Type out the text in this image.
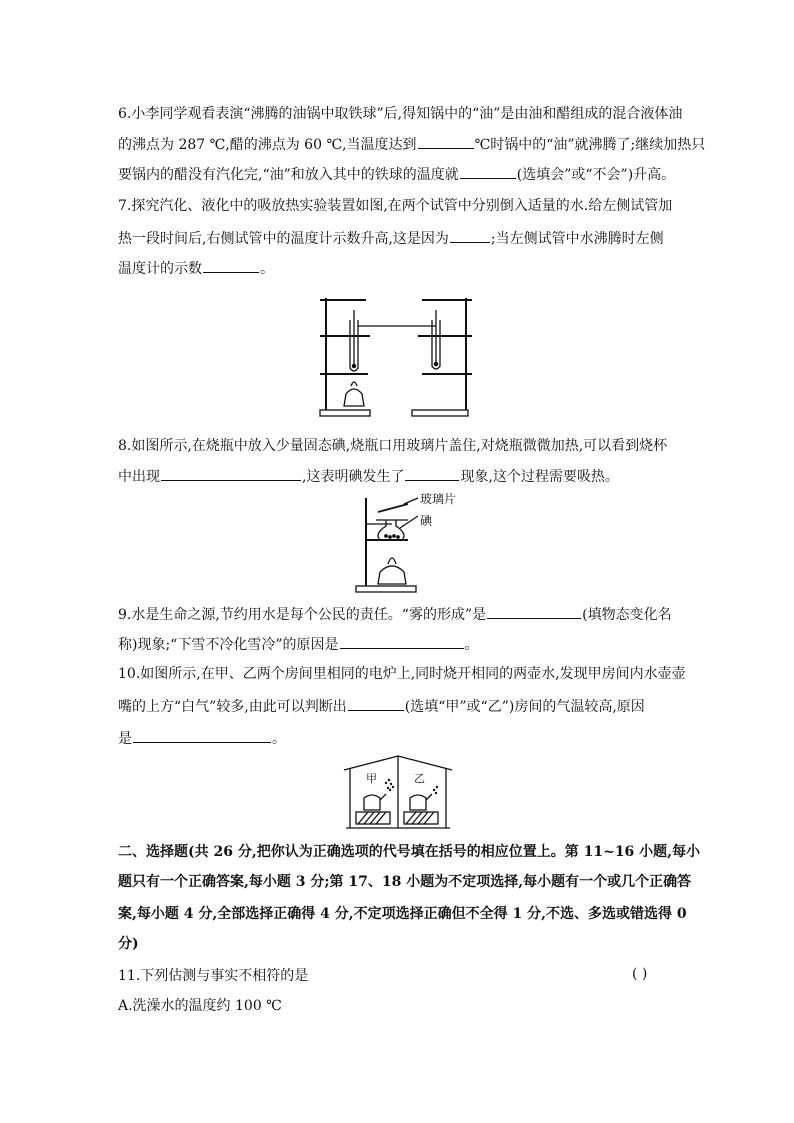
6.小李同学观看表演“沸腾的油锅中取铁球”后,得知锅中的“油”是由油和醋组成的混合液体油
的沸点为 287 ℃,醋的沸点为 60 ℃,当温度达到	℃时锅中的“油”就沸腾了;继续加热只
要锅内的醋没有汽化完,“油”和放入其中的铁球的温度就	(选填会”或“不会”)升高。
7.探究汽化、液化中的吸放热实验装置如图,在两个试管中分别倒入适量的水.给左侧试管加
热一段时间后,右侧试管中的温度计示数升高,这是因为	;当左侧试管中水沸腾时左侧
温度计的示数	。
8.如图所示,在烧瓶中放入少量固态碘,烧瓶口用玻璃片盖住,对烧瓶微微加热,可以看到烧杯
中出现	,这表明碘发生了	现象,这个过程需要吸热。
玻璃片
碘
9.水是生命之源,节约用水是每个公民的责任。“雾的形成”是	(填物态变化名
称)现象;“下雪不冷化雪冷”的原因是	。
10.如图所示,在甲、乙两个房间里相同的电炉上,同时烧开相同的两壶水,发现甲房间内水壶壶
嘴的上方“白气”较多,由此可以判断出	(选填“甲”或“乙”)房间的气温较高,原因
是	。
甲	乙
二、选择题(共 26 分,把你认为正确选项的代号填在括号的相应位置上。第 11~16 小题,每小
题只有一个正确答案,每小题 3 分;第 17、18 小题为不定项选择,每小题有一个或几个正确答
案,每小题 4 分,全部选择正确得 4 分,不定项选择正确但不全得 1 分,不选、多选或错选得 0
分)
11.下列估测与事实不相符的是	( )
A.洗澡水的温度约 100 ℃
